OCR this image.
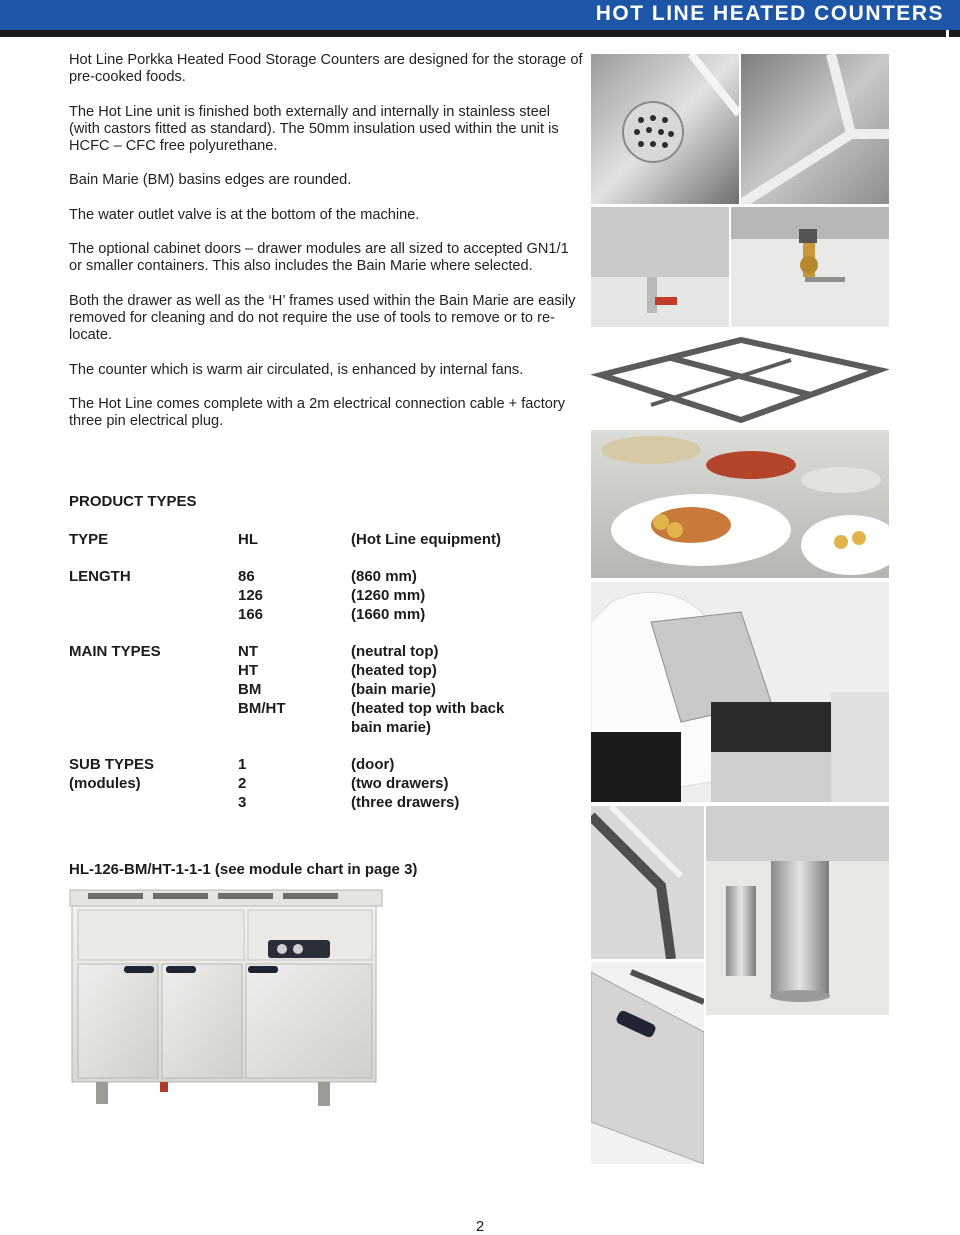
HOT LINE HEATED COUNTERS

Hot Line Porkka Heated Food Storage Counters are designed for the storage of pre-cooked foods.

The Hot Line unit is finished both externally and internally in stainless steel (with castors fitted as standard). The 50mm insulation used within the unit is HCFC – CFC free polyurethane.

Bain Marie (BM) basins edges are rounded.

The water outlet valve is at the bottom of the machine.

The optional cabinet doors – drawer modules are all sized to accepted GN1/1 or smaller containers. This also includes the Bain Marie where selected.

Both the drawer as well as the ‘H’ frames used within the Bain Marie are easily removed for cleaning and do not require the use of tools to remove or to re-locate.

The counter which is warm air circulated, is enhanced by internal fans.

The Hot Line comes complete with a 2m electrical connection cable + factory three pin electrical plug.

PRODUCT TYPES
TYPE	HL	(Hot Line equipment)
LENGTH	86	(860 mm)
126	(1260 mm)
166	(1660 mm)
MAIN TYPES	NT	(neutral top)
HT	(heated top)
BM	(bain marie)
BM/HT	(heated top with back
bain marie)
SUB TYPES	1	(door)
(modules)	2	(two drawers)
3	(three drawers)
HL-126-BM/HT-1-1-1 (see module chart in page 3)
2
